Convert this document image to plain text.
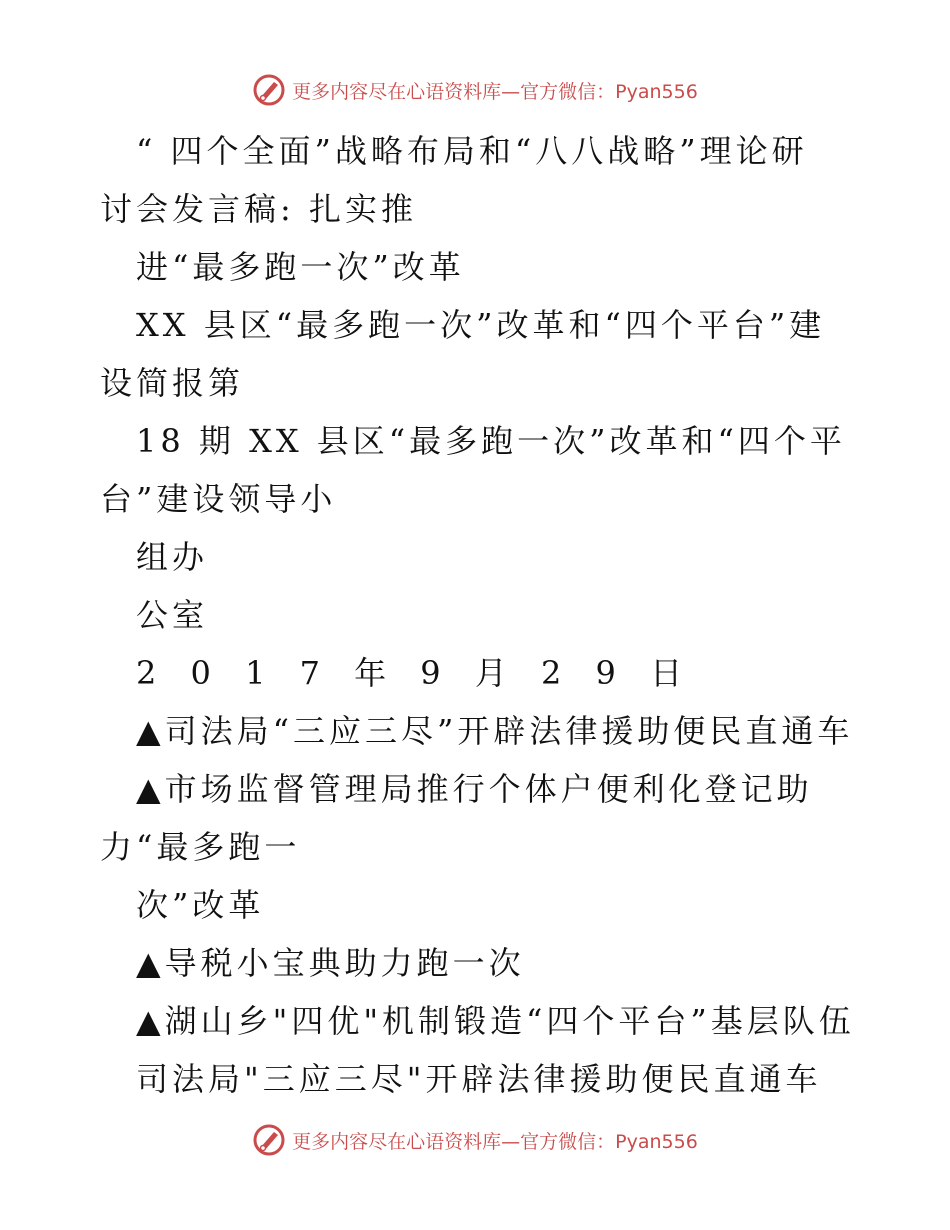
更多内容尽在心语资料库—官方微信：Pyan556
“ 四个全面”战略布局和“八八战略”理论研
讨会发言稿: 扎实推
进“最多跑一次”改革
XX 县区“最多跑一次”改革和“四个平台”建
设简报第
18 期 XX 县区“最多跑一次”改革和“四个平
台”建设领导小
组办
公室
2 0 1 7 年 9 月 2 9 日
▲司法局“三应三尽”开辟法律援助便民直通车
▲市场监督管理局推行个体户便利化登记助
力“最多跑一
次”改革
▲导税小宝典助力跑一次
▲湖山乡"四优"机制锻造“四个平台”基层队伍
司法局"三应三尽"开辟法律援助便民直通车
更多内容尽在心语资料库—官方微信：Pyan556
